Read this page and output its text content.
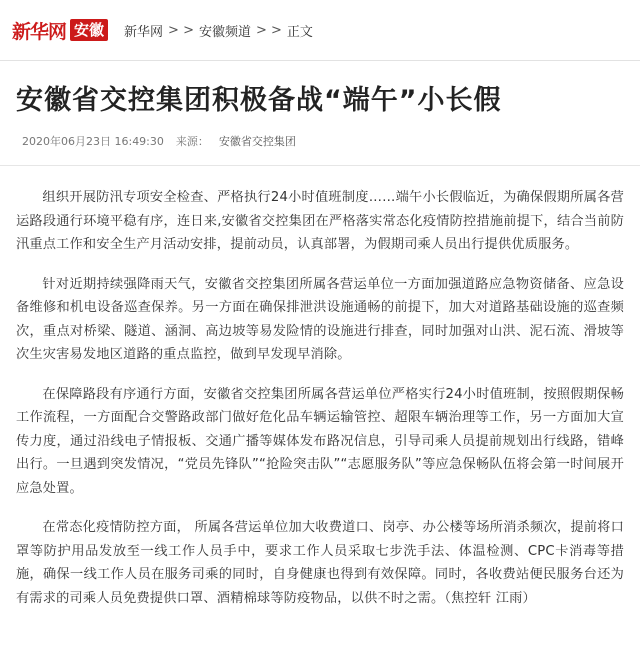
新华网 安徽	新华网 > > 安徽频道 > > 正文
安徽省交控集团积极备战“端午”小长假
2020年06月23日 16:49:30 来源： 安徽省交控集团

组织开展防汛专项安全检查、严格执行24小时值班制度……端午小长假临近，为确保假期所属各营运路段通行环境平稳有序，连日来,安徽省交控集团在严格落实常态化疫情防控措施前提下，结合当前防汛重点工作和安全生产月活动安排，提前动员，认真部署，为假期司乘人员出行提供优质服务。

针对近期持续强降雨天气，安徽省交控集团所属各营运单位一方面加强道路应急物资储备、应急设备维修和机电设备巡查保养。另一方面在确保排泄洪设施通畅的前提下，加大对道路基础设施的巡查频次，重点对桥梁、隧道、涵洞、高边坡等易发险情的设施进行排查，同时加强对山洪、泥石流、滑坡等次生灾害易发地区道路的重点监控，做到早发现早消除。

在保障路段有序通行方面，安徽省交控集团所属各营运单位严格实行24小时值班制，按照假期保畅工作流程，一方面配合交警路政部门做好危化品车辆运输管控、超限车辆治理等工作，另一方面加大宣传力度，通过沿线电子情报板、交通广播等媒体发布路况信息，引导司乘人员提前规划出行线路，错峰出行。一旦遇到突发情况，“党员先锋队”“抢险突击队”“志愿服务队”等应急保畅队伍将会第一时间展开应急处置。

在常态化疫情防控方面， 所属各营运单位加大收费道口、岗亭、办公楼等场所消杀频次，提前将口罩等防护用品发放至一线工作人员手中，要求工作人员采取七步洗手法、体温检测、CPC卡消毒等措施，确保一线工作人员在服务司乘的同时，自身健康也得到有效保障。同时，各收费站便民服务台还为有需求的司乘人员免费提供口罩、酒精棉球等防疫物品，以供不时之需。（焦控轩 江雨）
